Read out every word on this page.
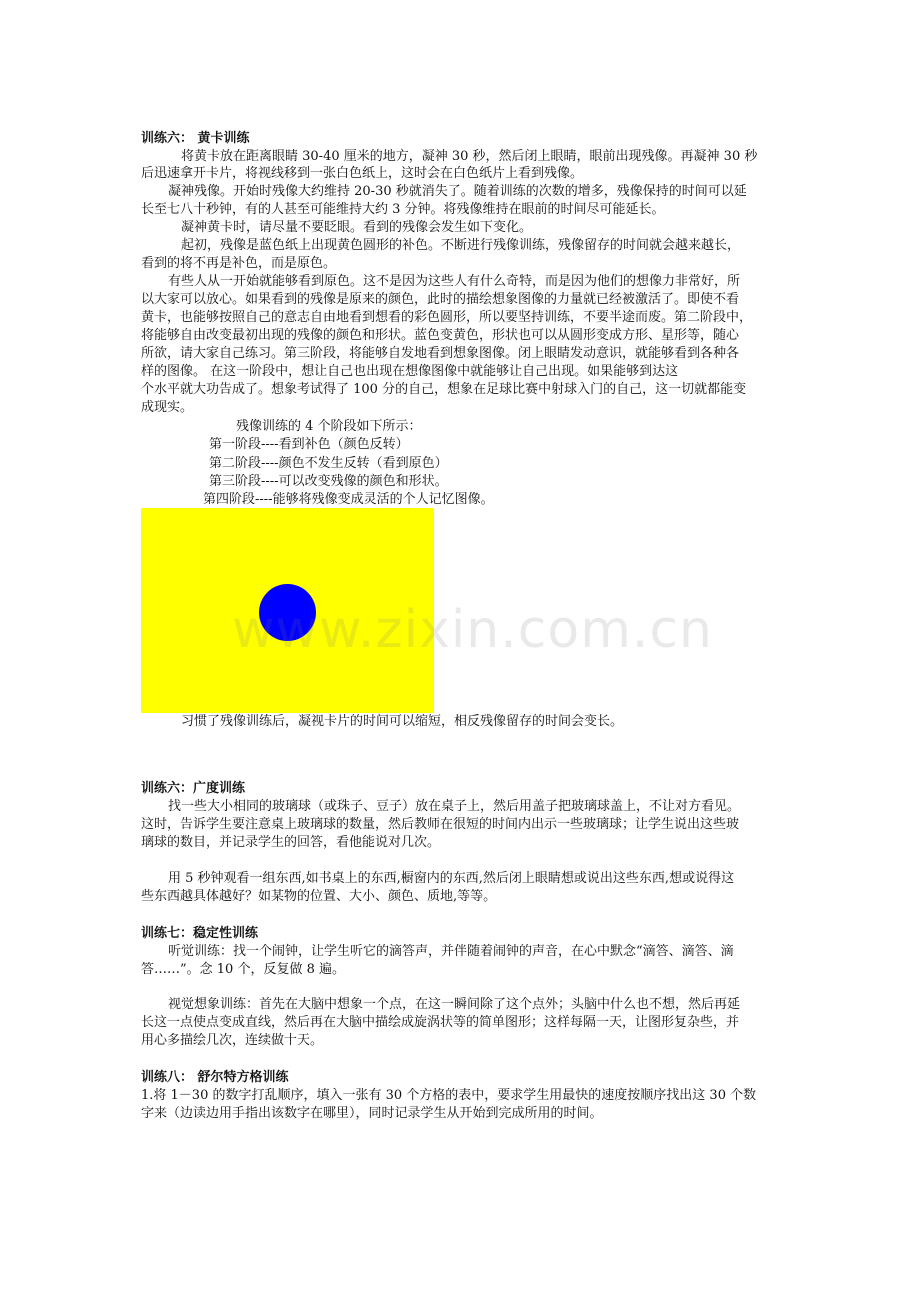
训练六： 黄卡训练
将黄卡放在距离眼睛 30-40 厘米的地方，凝神 30 秒，然后闭上眼睛，眼前出现残像。再凝神 30 秒
后迅速拿开卡片，将视线移到一张白色纸上，这时会在白色纸片上看到残像。
凝神残像。开始时残像大约维持 20-30 秒就消失了。随着训练的次数的增多，残像保持的时间可以延
长至七八十秒钟，有的人甚至可能维持大约 3 分钟。将残像维持在眼前的时间尽可能延长。
凝神黄卡时，请尽量不要眨眼。看到的残像会发生如下变化。
起初，残像是蓝色纸上出现黄色圆形的补色。不断进行残像训练，残像留存的时间就会越来越长，
看到的将不再是补色，而是原色。
有些人从一开始就能够看到原色。这不是因为这些人有什么奇特，而是因为他们的想像力非常好，所
以大家可以放心。如果看到的残像是原来的颜色，此时的描绘想象图像的力量就已经被激活了。即使不看
黄卡，也能够按照自己的意志自由地看到想看的彩色圆形，所以要坚持训练，不要半途而废。第二阶段中，
将能够自由改变最初出现的残像的颜色和形状。蓝色变黄色，形状也可以从圆形变成方形、星形等，随心
所欲，请大家自己练习。第三阶段，将能够自发地看到想象图像。闭上眼睛发动意识，就能够看到各种各
样的图像。 在这一阶段中，想让自己也出现在想像图像中就能够让自己出现。如果能够到达这
个水平就大功告成了。想象考试得了 100 分的自己，想象在足球比赛中射球入门的自己，这一切就都能变
成现实。
残像训练的 4 个阶段如下所示：
第一阶段----看到补色（颜色反转）
第二阶段----颜色不发生反转（看到原色）
第三阶段----可以改变残像的颜色和形状。
第四阶段----能够将残像变成灵活的个人记忆图像。
习惯了残像训练后，凝视卡片的时间可以缩短，相反残像留存的时间会变长。
训练六：广度训练
找一些大小相同的玻璃球（或珠子、豆子）放在桌子上，然后用盖子把玻璃球盖上，不让对方看见。
这时，告诉学生要注意桌上玻璃球的数量，然后教师在很短的时间内出示一些玻璃球；让学生说出这些玻
璃球的数目，并记录学生的回答，看他能说对几次。
用 5 秒钟观看一组东西,如书桌上的东西,橱窗内的东西,然后闭上眼睛想或说出这些东西,想或说得这
些东西越具体越好？如某物的位置、大小、颜色、质地,等等。
训练七：稳定性训练
听觉训练：找一个闹钟，让学生听它的滴答声，并伴随着闹钟的声音，在心中默念“滴答、滴答、滴
答……”。念 10 个，反复做 8 遍。
视觉想象训练：首先在大脑中想象一个点，在这一瞬间除了这个点外；头脑中什么也不想，然后再延
长这一点使点变成直线，然后再在大脑中描绘成旋涡状等的简单图形；这样每隔一天，让图形复杂些，并
用心多描绘几次，连续做十天。
训练八： 舒尔特方格训练
1.将 1－30 的数字打乱顺序，填入一张有 30 个方格的表中，要求学生用最快的速度按顺序找出这 30 个数
字来（边读边用手指出该数字在哪里），同时记录学生从开始到完成所用的时间。
www.zixin.com.cn
